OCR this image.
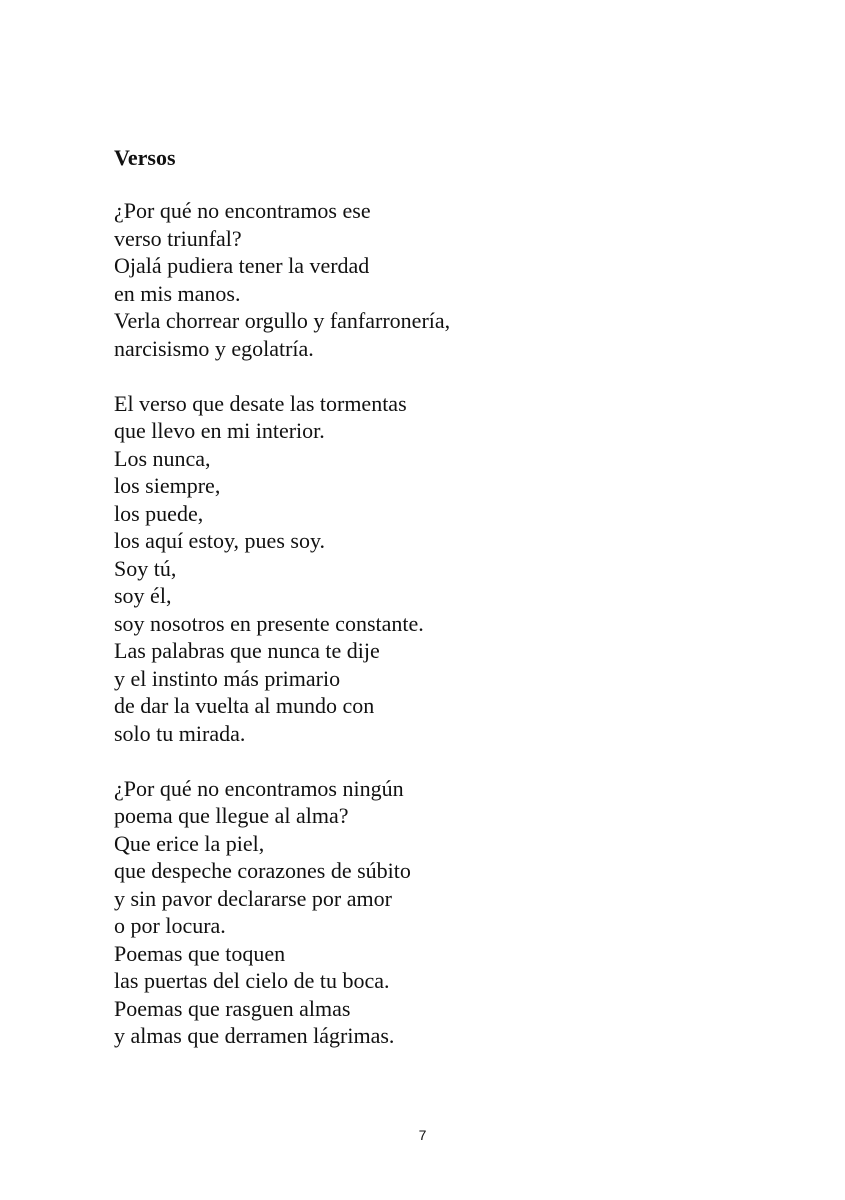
Versos
¿Por qué no encontramos ese
verso triunfal?
Ojalá pudiera tener la verdad
en mis manos.
Verla chorrear orgullo y fanfarronería,
narcisismo y egolatría.
El verso que desate las tormentas
que llevo en mi interior.
Los nunca,
los siempre,
los puede,
los aquí estoy, pues soy.
Soy tú,
soy él,
soy nosotros en presente constante.
Las palabras que nunca te dije
y el instinto más primario
de dar la vuelta al mundo con
solo tu mirada.
¿Por qué no encontramos ningún
poema que llegue al alma?
Que erice la piel,
que despeche corazones de súbito
y sin pavor declararse por amor
o por locura.
Poemas que toquen
las puertas del cielo de tu boca.
Poemas que rasguen almas
y almas que derramen lágrimas.
7
